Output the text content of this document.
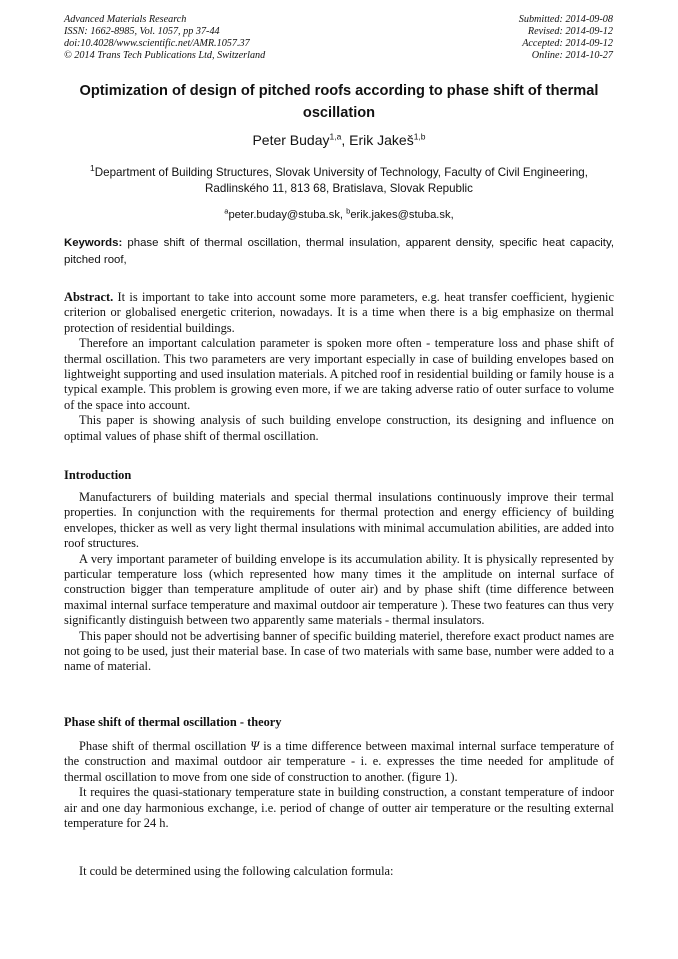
Advanced Materials Research
ISSN: 1662-8985, Vol. 1057, pp 37-44
doi:10.4028/www.scientific.net/AMR.1057.37
© 2014 Trans Tech Publications Ltd, Switzerland
Submitted: 2014-09-08
Revised: 2014-09-12
Accepted: 2014-09-12
Online: 2014-10-27
Optimization of design of pitched roofs according to phase shift of thermal oscillation
Peter Buday$^{1,a}$, Erik Jakeš$^{1,b}$
$^1$Department of Building Structures, Slovak University of Technology, Faculty of Civil Engineering, Radlinského 11, 813 68, Bratislava, Slovak Republic
$^a$peter.buday@stuba.sk, $^b$erik.jakes@stuba.sk,
Keywords: phase shift of thermal oscillation, thermal insulation, apparent density, specific heat capacity, pitched roof,

Abstract. It is important to take into account some more parameters, e.g. heat transfer coefficient, hygienic criterion or globalised energetic criterion, nowadays. It is a time when there is a big emphasize on thermal protection of residential buildings.

Therefore an important calculation parameter is spoken more often - temperature loss and phase shift of thermal oscillation. This two parameters are very important especially in case of building envelopes based on lightweight supporting and used insulation materials. A pitched roof in residential building or family house is a typical example. This problem is growing even more, if we are taking adverse ratio of outer surface to volume of the space into account.

This paper is showing analysis of such building envelope construction, its designing and influence on optimal values of phase shift of thermal oscillation.

Introduction

Manufacturers of building materials and special thermal insulations continuously improve their termal properties. In conjunction with the requirements for thermal protection and energy efficiency of building envelopes, thicker as well as very light thermal insulations with minimal accumulation abilities, are added into roof structures.

A very important parameter of building envelope is its accumulation ability. It is physically represented by particular temperature loss (which represented how many times it the amplitude on internal surface of construction bigger than temperature amplitude of outer air) and by phase shift (time difference between maximal internal surface temperature and maximal outdoor air temperature ). These two features can thus very significantly distinguish between two apparently same materials - thermal insulators.

This paper should not be advertising banner of specific building materiel, therefore exact product names are not going to be used, just their material base. In case of two materials with same base, number were added to a name of material.

Phase shift of thermal oscillation - theory

Phase shift of thermal oscillation Ψ is a time difference between maximal internal surface temperature of the construction and maximal outdoor air temperature - i. e. expresses the time needed for amplitude of thermal oscillation to move from one side of construction to another. (figure 1).

It requires the quasi-stationary temperature state in building construction, a constant temperature of indoor air and one day harmonious exchange, i.e. period of change of outter air temperature or the resulting external temperature for 24 h.

It could be determined using the following calculation formula:
